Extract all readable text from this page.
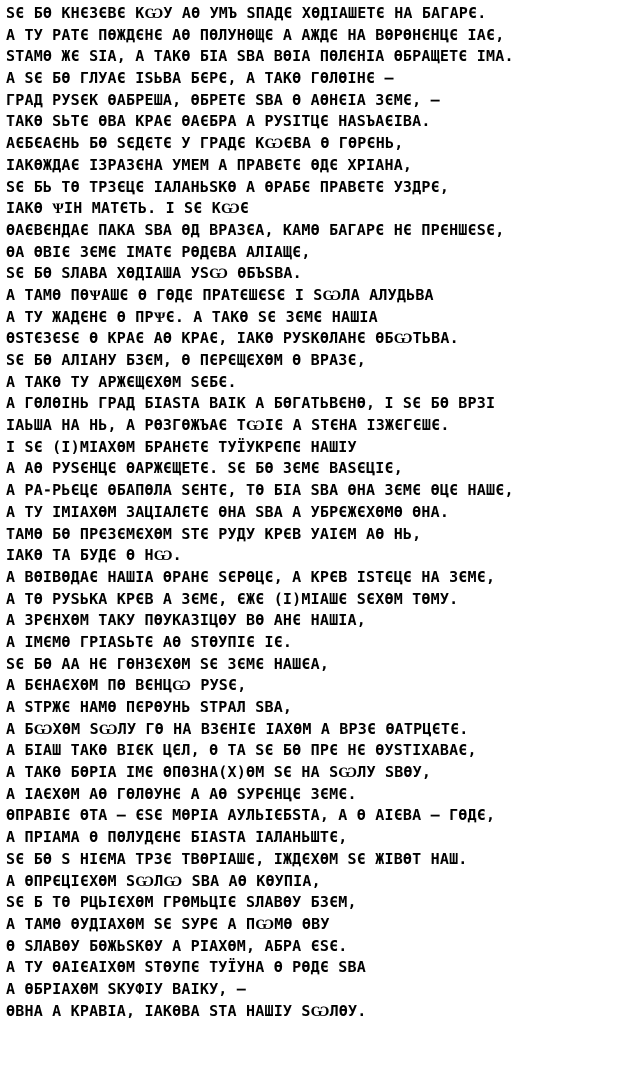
ЅЄ БѲ КНЄЗЄВЄ КѠУ АѲ УМЪ ЅПАДЄ ХѲДІАШЕТЄ НА БАГАРЄ.
А ТУ РАТЄ ПѲЖДЄНЄ АѲ ПѲЛУНѲЩЄ А АЖДЄ НА ВѲРѲНЄНЦЄ ІАЄ,
ЅТАМѲ ЖЄ ЅІА, А ТАКѲ БІА ЅВА ВѲІА ПѲЛЄНІА ѲБРАЩЕТЄ ІМА.
А ЅЄ БѲ ГЛУАЄ ІЅЬВА БЄРЄ, А ТАКѲ ГѲЛѲІНЄ —
ГРАД РУЅЄК ѲАБРЕША, ѲБРЕТЄ ЅВА Ѳ АѲНЄІА ЗЄМЄ, —
ТАКѲ ЅЬТЄ ѲВА КРАЄ ѲАЄБРА А РУЅІТЦЄ НАЅЪАЄІВА.
АЄБЄАЄНЬ БѲ ЅЄДЄТЄ У ГРАДЄ КѠЄВА Ѳ ГѲРЄНЬ,
ІАКѲЖДАЄ ІЗРАЗЄНА УМЕМ А ПРАВЄТЄ ѲДЄ ХРІАНА,
ЅЄ БЬ ТѲ ТРЗЄЦЄ ІАЛАНЬЅКѲ А ѲРАБЄ ПРАВЄТЄ УЗДРЄ,
ІАКѲ ѰІН МАТЄТЬ. І ЅЄ КѠЄ
ѲАЄВЄНДАЄ ПАКА ЅВА ѲД ВРАЗЄА, КАМѲ БАГАРЄ НЄ ПРЄНШЄЅЄ,
ѲА ѲВІЄ ЗЄМЄ ІМАТЄ РѲДЄВА АЛІАЩЄ,
ЅЄ БѲ ЅЛАВА ХѲДІАША УЅѠ ѲБЪЅВА.
А ТАМѲ ПѲѰАШЄ Ѳ ГѲДЄ ПРАТЄШЄЅЄ І ЅѠЛА АЛУДЬВА
А ТУ ЖАДЄНЄ Ѳ ПРѰЄ. А ТАКѲ ЅЄ ЗЄМЄ НАШІА
ѲЅТЄЗЄЅЄ Ѳ КРАЄ АѲ КРАЄ, ІАКѲ РУЅКѲЛАНЄ ѲБѠТЬВА.
ЅЄ БѲ АЛІАНУ БЗЄМ, Ѳ ПЄРЄЩЄХѲМ Ѳ ВРАЗЄ,
А ТАКѲ ТУ АРЖЄЩЄХѲМ ЅЄБЄ.
А ГѲЛѲІНЬ ГРАД БІАЅТА ВАІК А БѲГАТЬВЄНѲ, І ЅЄ БѲ ВРЗІ
ІАЬША НА НЬ, А РѲЗГѲЖЪАЄ ТѠІЄ А ЅТЄНА ІЗЖЄГЄШЄ.
І ЅЄ (І)МІАХѲМ БРАНЄТЄ ТУЇУКРЄПЄ НАШІУ
А АѲ РУЅЄНЦЄ ѲАРЖЄЩЕТЄ. ЅЄ БѲ ЗЄМЄ ВАЅЄЦІЄ,
А РА-РЬЄЦЄ ѲБАПѲЛА ЅЄНТЄ, ТѲ БІА ЅВА ѲНА ЗЄМЄ ѲЦЄ НАШЄ,
А ТУ ІМІАХѲМ ЗАЦІАЛЄТЄ ѲНА ЅВА А УБРЄЖЄХѲМѲ ѲНА.
ТАМѲ БѲ ПРЄЗЄМЄХѲМ ЅТЄ РУДУ КРЄВ УАІЄМ АѲ НЬ,
ІАКѲ ТА БУДЄ Ѳ НѠ.
А ВѲІВѲДАЄ НАШІА ѲРАНЄ ЅЄРѲЦЄ, А КРЄВ ІЅТЄЦЄ НА ЗЄМЄ,
А ТѲ РУЅЬКА КРЄВ А ЗЄМЄ, ЄЖЄ (І)МІАШЄ ЅЄХѲМ ТѲМУ.
А ЗРЄНХѲМ ТАКУ ПѲУКАЗІЦѲУ ВѲ АНЄ НАШІА,
А ІМЄМѲ ГРІАЅЬТЄ АѲ ЅТѲУПІЄ ІЄ.
ЅЄ БѲ АА НЄ ГѲНЗЄХѲМ ЅЄ ЗЄМЄ НАШЄА,
А БЄНАЄХѲМ ПѲ ВЄНЦѠ РУЅЄ,
А ЅТРЖЄ НАМѲ ПЄРѲУНЬ ЅТРАЛ ЅВА,
А БѠХѲМ ЅѠЛУ ГѲ НА ВЗЄНІЄ ІАХѲМ А ВРЗЄ ѲАТРЦЄТЄ.
А БІАШ ТАКѲ ВІЄК ЦЄЛ, Ѳ ТА ЅЄ БѲ ПРЄ НЄ ѲУЅТІХАВАЄ,
А ТАКѲ БѲРІА ІМЄ ѲПѲЗНА(Х)ѲМ ЅЄ НА ЅѠЛУ ЅВѲУ,
А ІАЄХѲМ АѲ ГѲЛѲУНЄ А АѲ ЅУРЄНЦЄ ЗЄМЄ.
ѲПРАВІЄ ѲТА — ЄЅЄ МѲРІА АУЛЬІЄБЅТА, А Ѳ АІЄВА — ГѲДЄ,
А ПРІАМА Ѳ ПѲЛУДЄНЄ БІАЅТА ІАЛАНЬШТЄ,
ЅЄ БѲ Ѕ НІЄМА ТРЗЄ ТВѲРІАШЄ, ІЖДЄХѲМ ЅЄ ЖІВѲТ НАШ.
А ѲПРЄЦІЄХѲМ ЅѠЛѠ ЅВА АѲ КѲУПІА,
ЅЄ Б ТѲ РЦЬІЄХѲМ ГРѲМЬЦІЄ ЅЛАВѲУ БЗЄМ,
А ТАМѲ ѲУДІАХѲМ ЅЄ ЅУРЄ А ПѠМѲ ѲВУ
Ѳ ЅЛАВѲУ БѲЖЬЅКѲУ А РІАХѲМ, АБРА ЄЅЄ.
А ТУ ѲАІЄАІХѲМ ЅТѲУПЄ ТУЇУНА Ѳ РѲДЄ ЅВА
А ѲБРІАХѲМ ЅКУФІУ ВАІКУ, —
ѲВНА А КРАВІА, ІАКѲВА ЅТА НАШІУ ЅѠЛѲУ.
